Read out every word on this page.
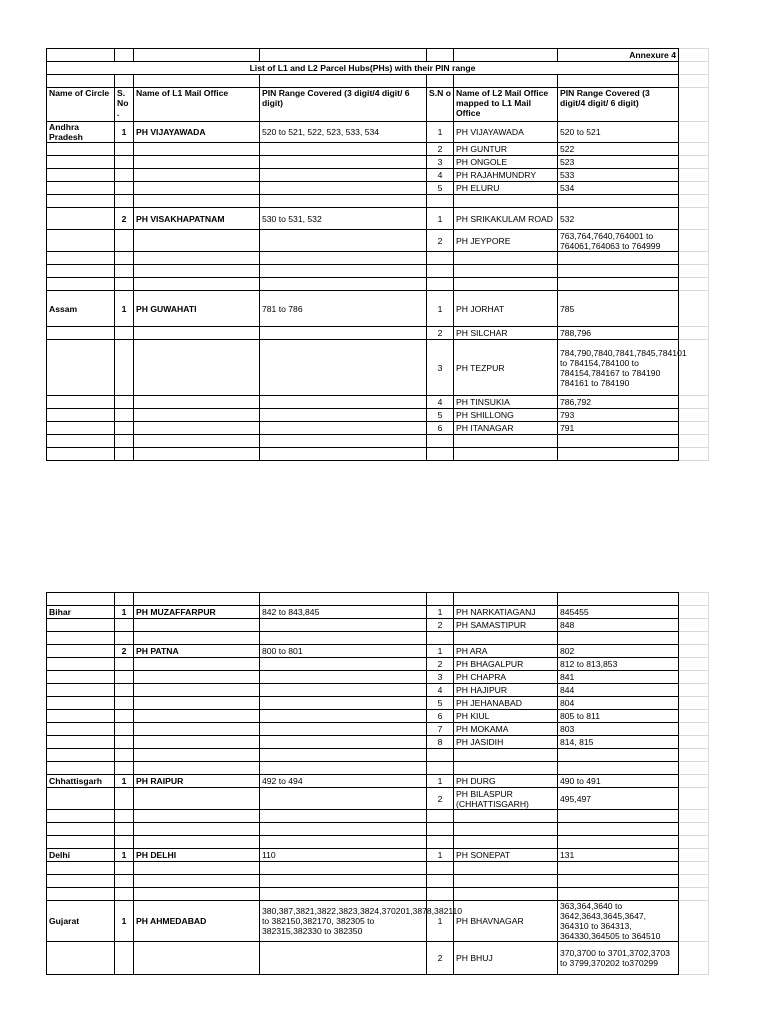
						Annexure 4	
List of L1 and L2 Parcel Hubs(PHs) with their PIN range							

Name of Circle	S. No .	Name of L1 Mail Office	PIN Range Covered (3 digit/4 digit/ 6 digit)	S.N o	Name of L2 Mail Office mapped to L1 Mail Office	PIN Range Covered (3 digit/4 digit/ 6 digit)	
Andhra Pradesh	1	PH VIJAYAWADA	520 to 521, 522, 523, 533, 534	1	PH VIJAYAWADA	520 to 521	
				2	PH GUNTUR	522	
				3	PH ONGOLE	523	
				4	PH RAJAHMUNDRY	533	
				5	PH ELURU	534	

	2	PH VISAKHAPATNAM	530 to 531, 532	1	PH SRIKAKULAM ROAD	532	
				2	PH JEYPORE	763,764,7640,764001 to 764061,764063 to 764999	

Assam	1	PH GUWAHATI	781 to 786	1	PH JORHAT	785	
				2	PH SILCHAR	788,796	
				3	PH TEZPUR	784,790,7840,7841,7845,784101 to 784154,784100 to 784154,784167 to 784190 784161 to 784190	
				4	PH TINSUKIA	786,792	
				5	PH SHILLONG	793	
				6	PH ITANAGAR	791	

Bihar	1	PH MUZAFFARPUR	842 to 843,845	1	PH NARKATIAGANJ	845455	
				2	PH SAMASTIPUR	848	

	2	PH PATNA	800 to 801	1	PH ARA	802	
				2	PH BHAGALPUR	812 to 813,853	
				3	PH CHAPRA	841	
				4	PH HAJIPUR	844	
				5	PH JEHANABAD	804	
				6	PH KIUL	805 to 811	
				7	PH MOKAMA	803	
				8	PH JASIDIH	814, 815	

Chhattisgarh	1	PH RAIPUR	492 to 494	1	PH DURG	490 to 491	
				2	PH BILASPUR (CHHATTISGARH)	495,497	

Delhi	1	PH DELHI	110	1	PH SONEPAT	131	

Gujarat	1	PH AHMEDABAD	380,387,3821,3822,3823,3824,370201,3878,382110 to 382150,382170, 382305 to 382315,382330 to 382350	1	PH BHAVNAGAR	363,364,3640 to 3642,3643,3645,3647, 364310 to 364313, 364330,364505 to 364510	
				2	PH BHUJ	370,3700 to 3701,3702,3703 to 3799,370202 to370299	
